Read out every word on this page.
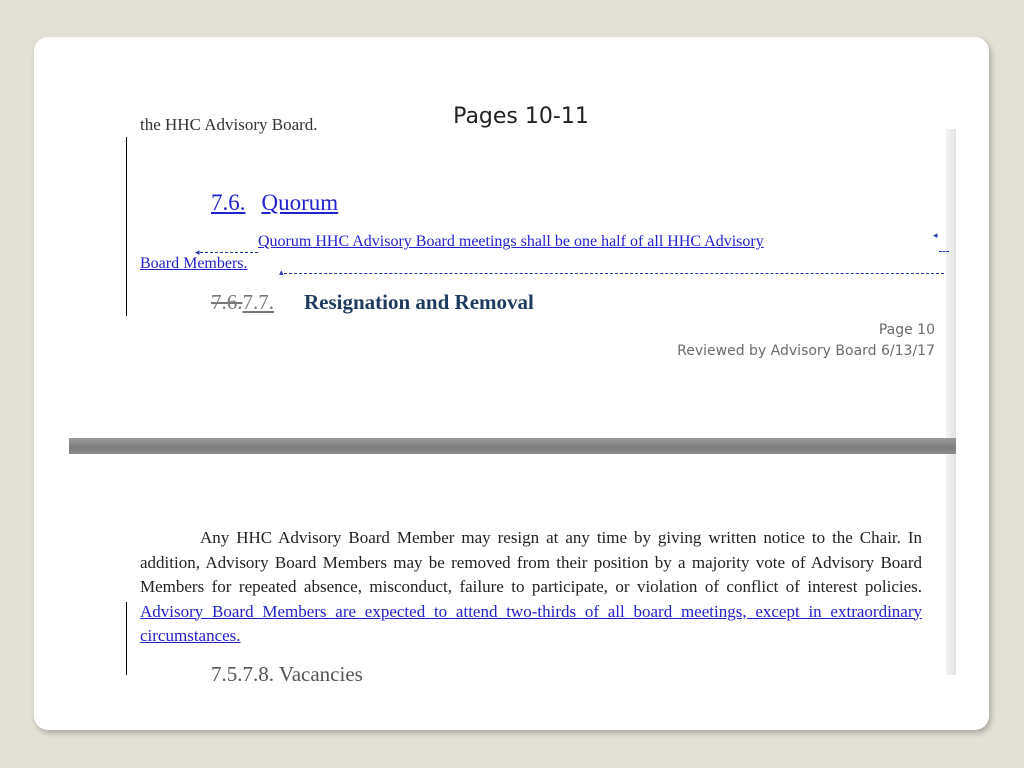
Pages 10-11
the HHC Advisory Board.
7.6. Quorum
◂
Quorum HHC Advisory Board meetings shall be one half of all HHC Advisory	◂
Board Members.	▴
7.6.7.7. Resignation and Removal
Page 10
Reviewed by Advisory Board 6/13/17
Any HHC Advisory Board Member may resign at any time by giving written notice to the Chair. In addition, Advisory Board Members may be removed from their position by a majority vote of Advisory Board Members for repeated absence, misconduct, failure to participate, or violation of conflict of interest policies. Advisory Board Members are expected to attend two-thirds of all board meetings, except in extraordinary circumstances.
7.5.7.8. Vacancies
